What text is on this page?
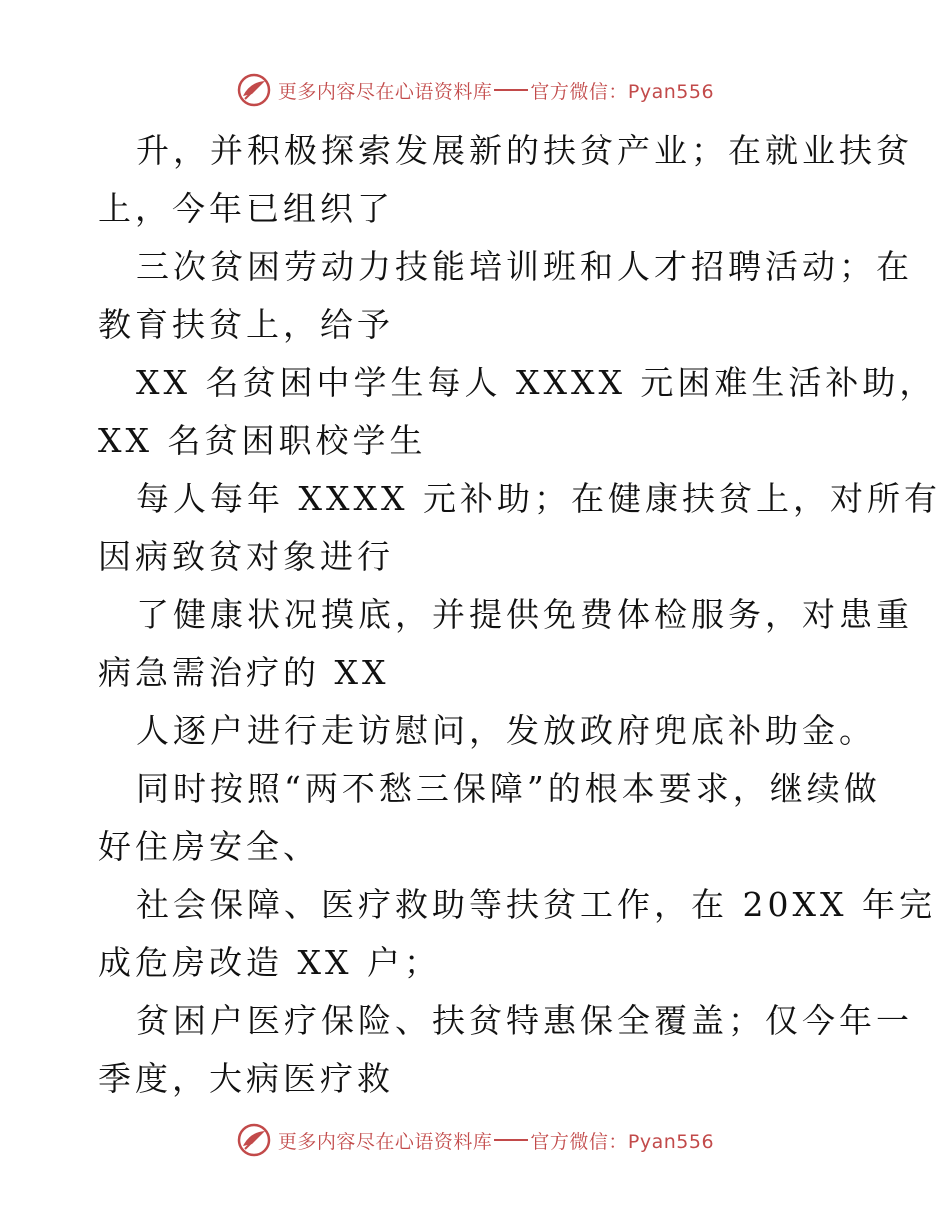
更多内容尽在心语资料库 官方微信：Pyan556
升，并积极探索发展新的扶贫产业；在就业扶贫
上，今年已组织了
三次贫困劳动力技能培训班和人才招聘活动；在
教育扶贫上，给予
XX 名贫困中学生每人 XXXX 元困难生活补助，
XX 名贫困职校学生
每人每年 XXXX 元补助；在健康扶贫上，对所有
因病致贫对象进行
了健康状况摸底，并提供免费体检服务，对患重
病急需治疗的 XX
人逐户进行走访慰问，发放政府兜底补助金。
同时按照“两不愁三保障”的根本要求，继续做
好住房安全、
社会保障、医疗救助等扶贫工作，在 20XX 年完
成危房改造 XX 户；
贫困户医疗保险、扶贫特惠保全覆盖；仅今年一
季度，大病医疗救
更多内容尽在心语资料库 官方微信：Pyan556
